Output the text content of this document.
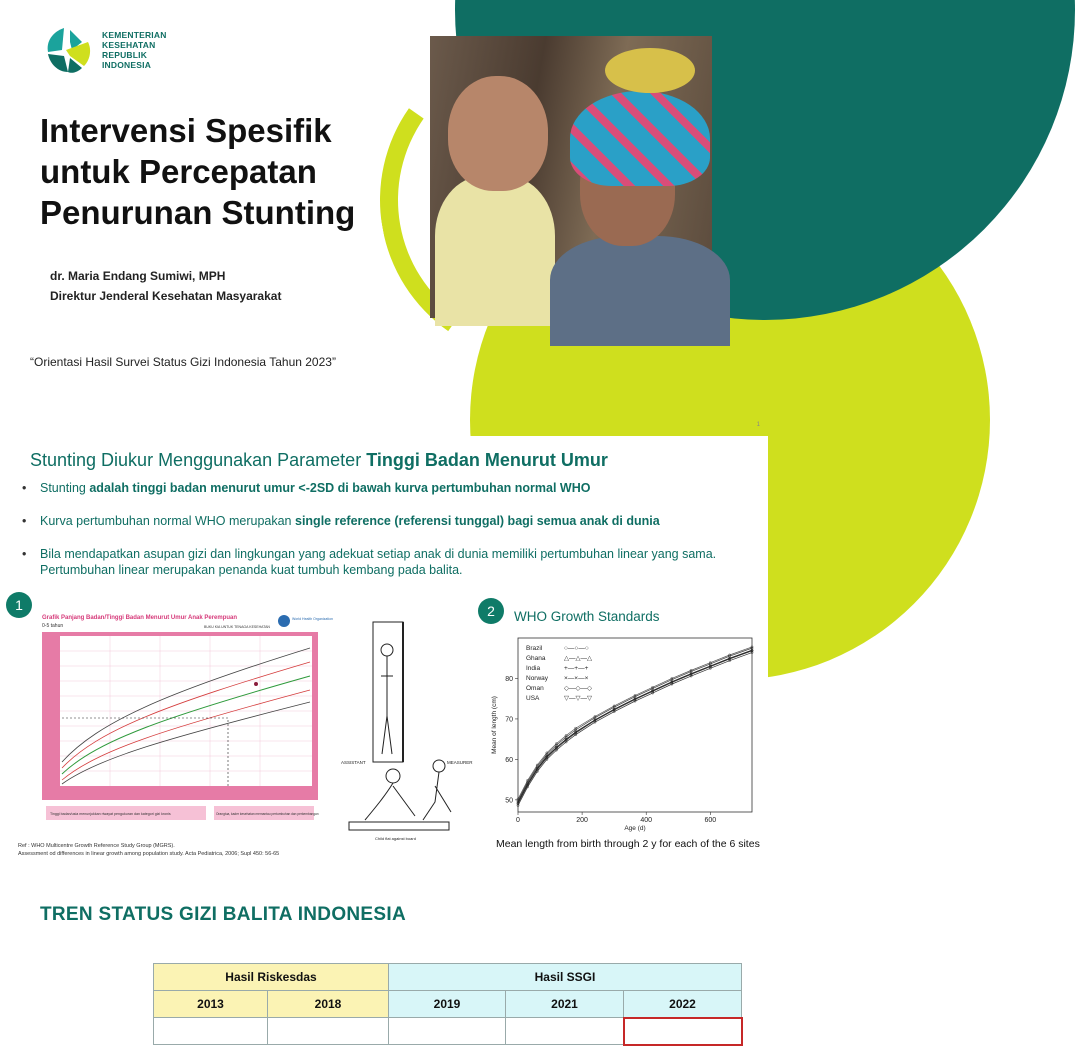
KEMENTERIAN
KESEHATAN
REPUBLIK
INDONESIA
Intervensi Spesifik
untuk Percepatan
Penurunan Stunting
dr. Maria Endang Sumiwi, MPH
Direktur Jenderal Kesehatan Masyarakat
“Orientasi Hasil Survei Status Gizi Indonesia Tahun 2023”
1
Stunting Diukur Menggunakan Parameter Tinggi Badan Menurut Umur
• Stunting adalah tinggi badan menurut umur <-2SD di bawah kurva pertumbuhan normal WHO
• Kurva pertumbuhan normal WHO merupakan single reference (referensi tunggal) bagi semua anak di dunia
• Bila mendapatkan asupan gizi dan lingkungan yang adekuat setiap anak di dunia memiliki pertumbuhan linear yang sama. Pertumbuhan linear merupakan penanda kuat tumbuh kembang pada balita.
1	2
Grafik Panjang Badan/Tinggi Badan Menurut Umur Anak Perempuan
0-5 tahun	BUKU KIA UNTUK TENAGA KESEHATAN
World Health Organization
Tinggi badan/usia menunjukkan riwayat pengukuran dan kategori gizi kronis	Orangtua, kader kesehatan memantau pertumbuhan dan perkembangan
ASSISTANT	MEASURER
Child flat against board
WHO Growth Standards
0	200	400	600
50
60
70
80
Age (d)
Mean of length (cm)
Brazil	○—○—○
Ghana	△—△—△
India	+—+—+
Norway ×—×—×
Oman	◇—◇—◇
USA	▽—▽—▽
Mean length from birth through 2 y for each of the 6 sites
Ref : WHO Multicentre Growth Reference Study Group (MGRS).
Assessment od differences in linear growth among population study. Acta Pediatrica, 2006; Supl 450: 56-65
TREN STATUS GIZI BALITA INDONESIA
Hasil Riskesdas		Hasil SSGI		
2013	2018	2019	2021	2022
